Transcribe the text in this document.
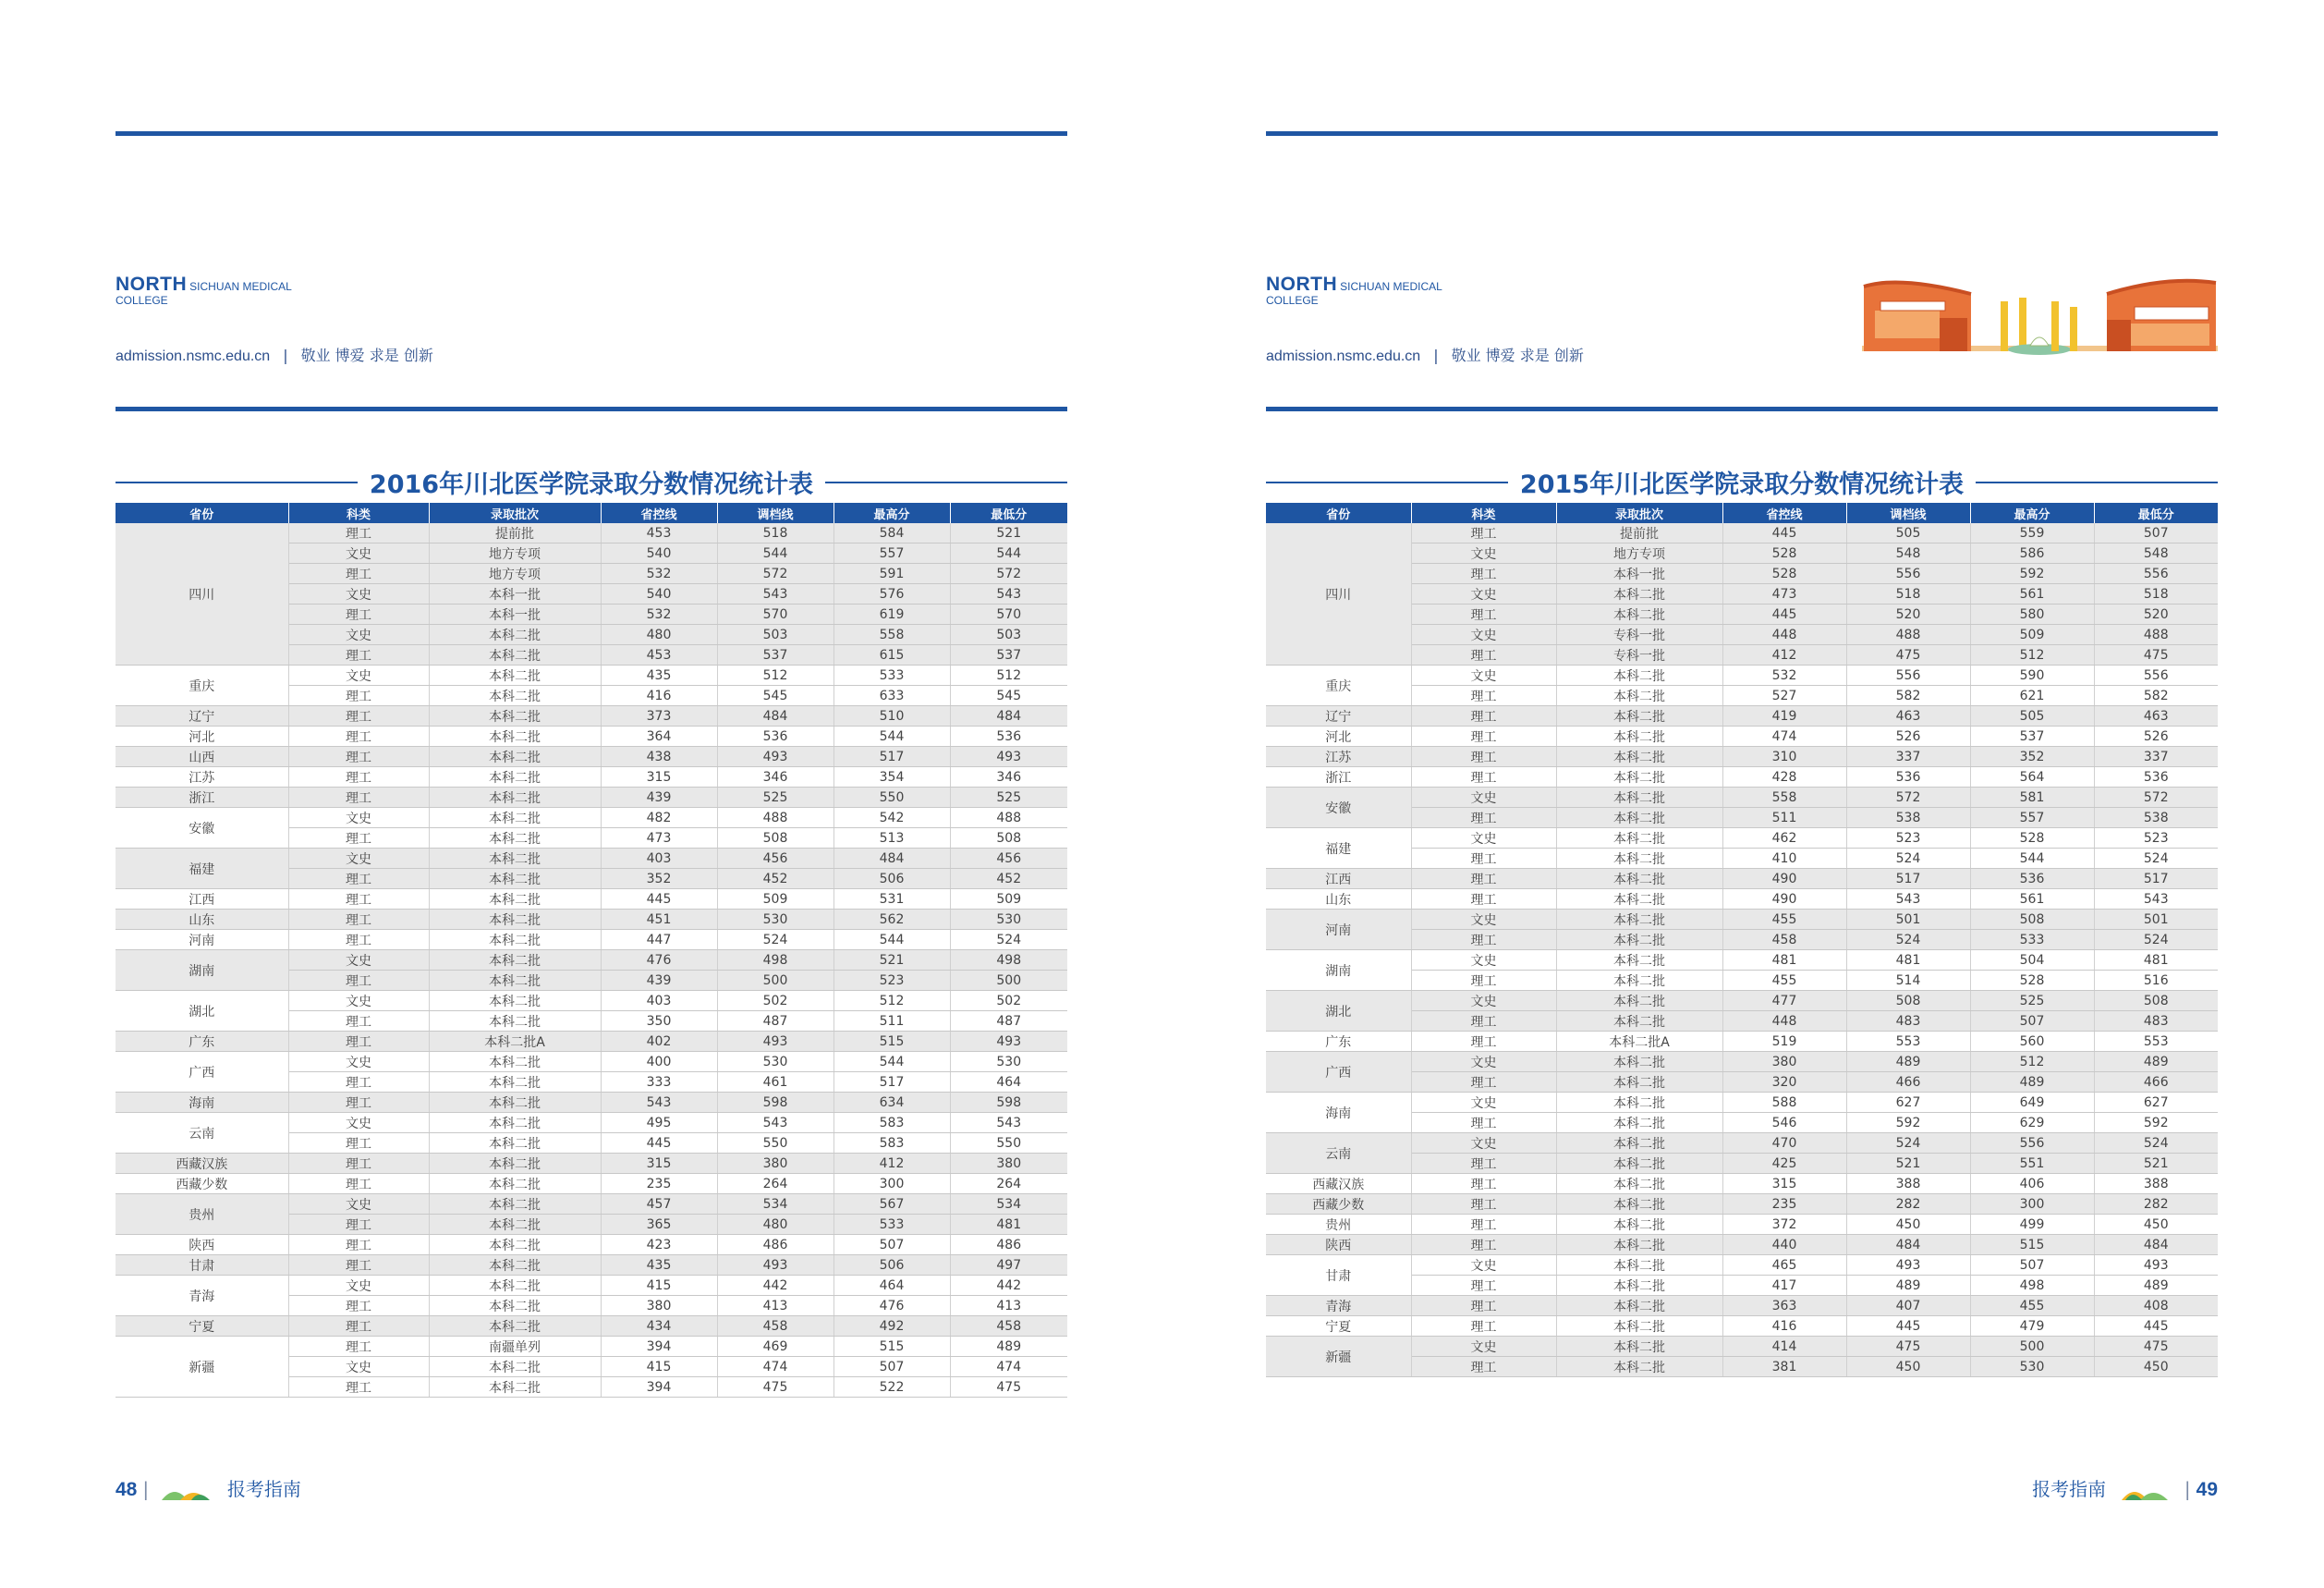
NORTH SICHUAN MEDICAL
COLLEGE
admission.nsmc.edu.cn | 敬业 博爱 求是 创新
2016年川北医学院录取分数情况统计表
省份	科类	录取批次	省控线	调档线	最高分	最低分
四川	理工	提前批	453	518	584	521
	文史	地方专项	540	544	557	544
	理工	地方专项	532	572	591	572
	文史	本科一批	540	543	576	543
	理工	本科一批	532	570	619	570
	文史	本科二批	480	503	558	503
	理工	本科二批	453	537	615	537
重庆	文史	本科二批	435	512	533	512
	理工	本科二批	416	545	633	545
辽宁	理工	本科二批	373	484	510	484
河北	理工	本科二批	364	536	544	536
山西	理工	本科二批	438	493	517	493
江苏	理工	本科二批	315	346	354	346
浙江	理工	本科二批	439	525	550	525
安徽	文史	本科二批	482	488	542	488
	理工	本科二批	473	508	513	508
福建	文史	本科二批	403	456	484	456
	理工	本科二批	352	452	506	452
江西	理工	本科二批	445	509	531	509
山东	理工	本科二批	451	530	562	530
河南	理工	本科二批	447	524	544	524
湖南	文史	本科二批	476	498	521	498
	理工	本科二批	439	500	523	500
湖北	文史	本科二批	403	502	512	502
	理工	本科二批	350	487	511	487
广东	理工	本科二批A	402	493	515	493
广西	文史	本科二批	400	530	544	530
	理工	本科二批	333	461	517	464
海南	理工	本科二批	543	598	634	598
云南	文史	本科二批	495	543	583	543
	理工	本科二批	445	550	583	550
西藏汉族	理工	本科二批	315	380	412	380
西藏少数	理工	本科二批	235	264	300	264
贵州	文史	本科二批	457	534	567	534
	理工	本科二批	365	480	533	481
陕西	理工	本科二批	423	486	507	486
甘肃	理工	本科二批	435	493	506	497
青海	文史	本科二批	415	442	464	442
	理工	本科二批	380	413	476	413
宁夏	理工	本科二批	434	458	492	458
新疆	理工	南疆单列	394	469	515	489
	文史	本科二批	415	474	507	474
	理工	本科二批	394	475	522	475
48 |	报考指南
NORTH SICHUAN MEDICAL
COLLEGE
admission.nsmc.edu.cn | 敬业 博爱 求是 创新
2015年川北医学院录取分数情况统计表
省份	科类	录取批次	省控线	调档线	最高分	最低分
四川	理工	提前批	445	505	559	507
	文史	地方专项	528	548	586	548
	理工	本科一批	528	556	592	556
	文史	本科二批	473	518	561	518
	理工	本科二批	445	520	580	520
	文史	专科一批	448	488	509	488
	理工	专科一批	412	475	512	475
重庆	文史	本科二批	532	556	590	556
	理工	本科二批	527	582	621	582
辽宁	理工	本科二批	419	463	505	463
河北	理工	本科二批	474	526	537	526
江苏	理工	本科二批	310	337	352	337
浙江	理工	本科二批	428	536	564	536
安徽	文史	本科二批	558	572	581	572
	理工	本科二批	511	538	557	538
福建	文史	本科二批	462	523	528	523
	理工	本科二批	410	524	544	524
江西	理工	本科二批	490	517	536	517
山东	理工	本科二批	490	543	561	543
河南	文史	本科二批	455	501	508	501
	理工	本科二批	458	524	533	524
湖南	文史	本科二批	481	481	504	481
	理工	本科二批	455	514	528	516
湖北	文史	本科二批	477	508	525	508
	理工	本科二批	448	483	507	483
广东	理工	本科二批A	519	553	560	553
广西	文史	本科二批	380	489	512	489
	理工	本科二批	320	466	489	466
海南	文史	本科二批	588	627	649	627
	理工	本科二批	546	592	629	592
云南	文史	本科二批	470	524	556	524
	理工	本科二批	425	521	551	521
西藏汉族	理工	本科二批	315	388	406	388
西藏少数	理工	本科二批	235	282	300	282
贵州	理工	本科二批	372	450	499	450
陕西	理工	本科二批	440	484	515	484
甘肃	文史	本科二批	465	493	507	493
	理工	本科二批	417	489	498	489
青海	理工	本科二批	363	407	455	408
宁夏	理工	本科二批	416	445	479	445
新疆	文史	本科二批	414	475	500	475
	理工	本科二批	381	450	530	450
报考指南	| 49
